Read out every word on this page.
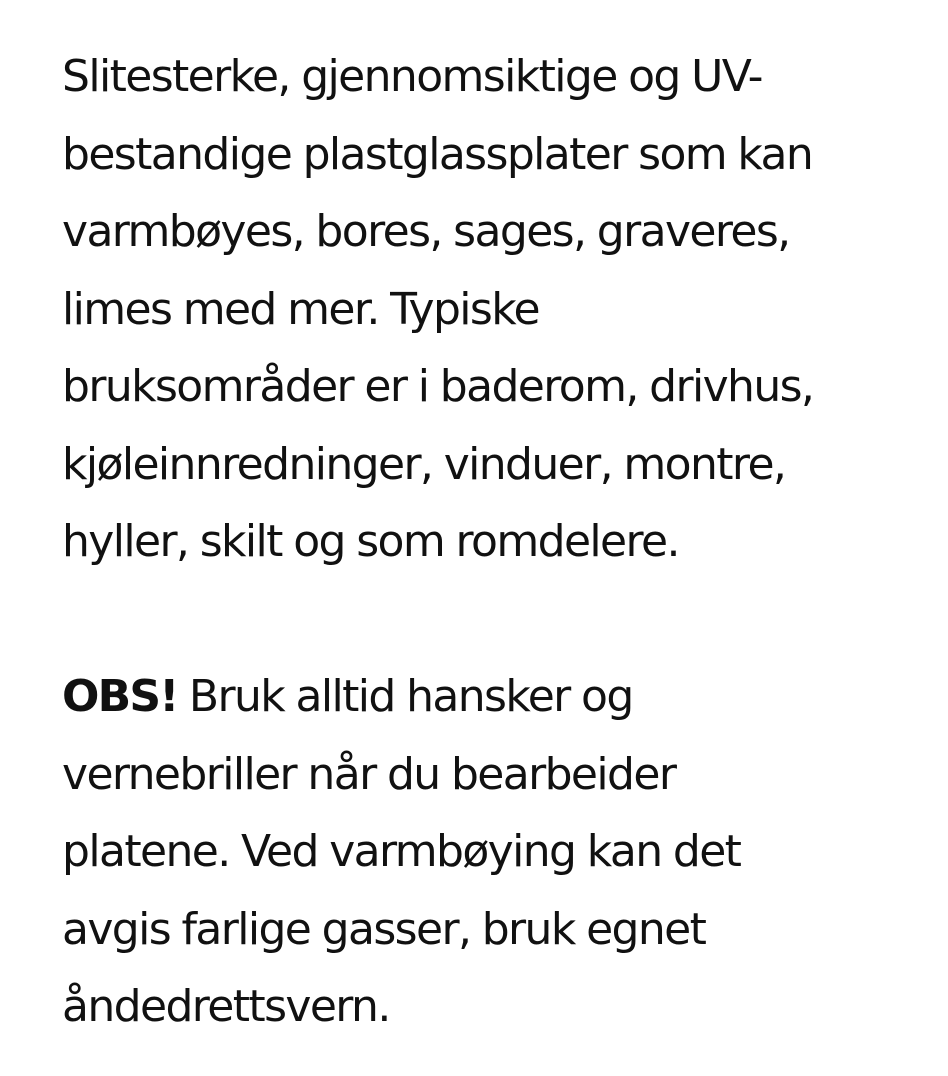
Slitesterke, gjennomsiktige og UV-
bestandige plastglassplater som kan
varmbøyes, bores, sages, graveres,
limes med mer. Typiske
bruksområder er i baderom, drivhus,
kjøleinnredninger, vinduer, montre,
hyller, skilt og som romdelere.
OBS! Bruk alltid hansker og
vernebriller når du bearbeider
platene. Ved varmbøying kan det
avgis farlige gasser, bruk egnet
åndedrettsvern.
